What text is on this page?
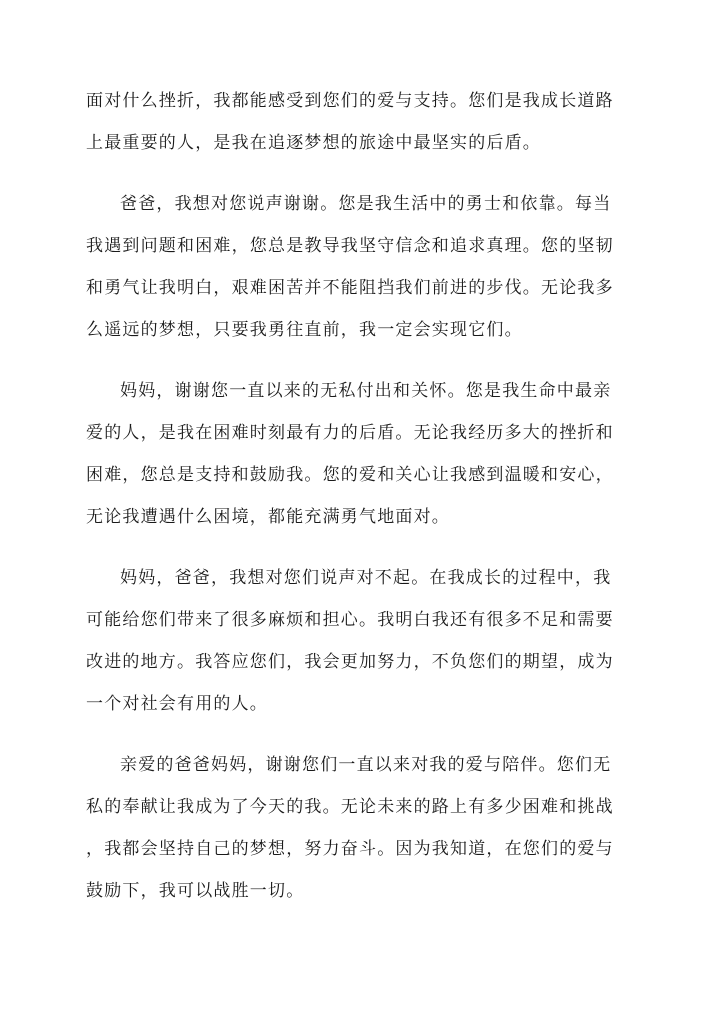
面对什么挫折，我都能感受到您们的爱与支持。您们是我成长道路
上最重要的人，是我在追逐梦想的旅途中最坚实的后盾。
爸爸，我想对您说声谢谢。您是我生活中的勇士和依靠。每当
我遇到问题和困难，您总是教导我坚守信念和追求真理。您的坚韧
和勇气让我明白，艰难困苦并不能阻挡我们前进的步伐。无论我多
么遥远的梦想，只要我勇往直前，我一定会实现它们。
妈妈，谢谢您一直以来的无私付出和关怀。您是我生命中最亲
爱的人，是我在困难时刻最有力的后盾。无论我经历多大的挫折和
困难，您总是支持和鼓励我。您的爱和关心让我感到温暖和安心，
无论我遭遇什么困境，都能充满勇气地面对。
妈妈，爸爸，我想对您们说声对不起。在我成长的过程中，我
可能给您们带来了很多麻烦和担心。我明白我还有很多不足和需要
改进的地方。我答应您们，我会更加努力，不负您们的期望，成为
一个对社会有用的人。
亲爱的爸爸妈妈，谢谢您们一直以来对我的爱与陪伴。您们无
私的奉献让我成为了今天的我。无论未来的路上有多少困难和挑战
，我都会坚持自己的梦想，努力奋斗。因为我知道，在您们的爱与
鼓励下，我可以战胜一切。
